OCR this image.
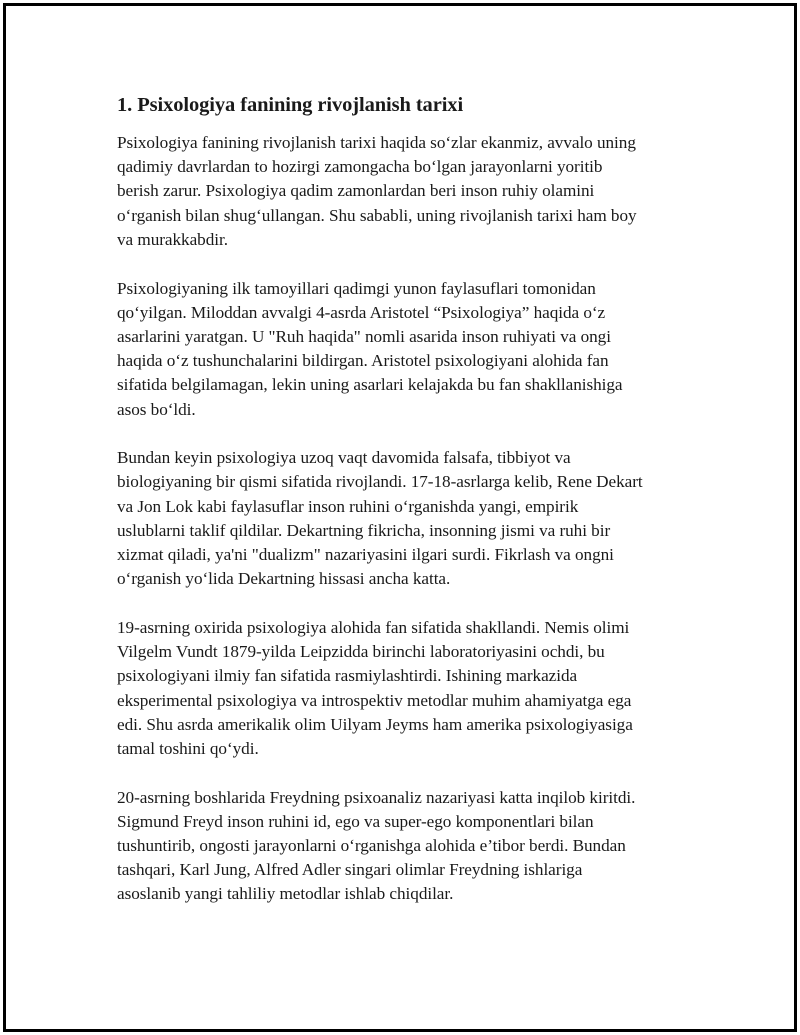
1. Psixologiya fanining rivojlanish tarixi

Psixologiya fanining rivojlanish tarixi haqida so‘zlar ekanmiz, avvalo uning
qadimiy davrlardan to hozirgi zamongacha bo‘lgan jarayonlarni yoritib
berish zarur. Psixologiya qadim zamonlardan beri inson ruhiy olamini
o‘rganish bilan shug‘ullangan. Shu sababli, uning rivojlanish tarixi ham boy
va murakkabdir.

Psixologiyaning ilk tamoyillari qadimgi yunon faylasuflari tomonidan
qo‘yilgan. Miloddan avvalgi 4-asrda Aristotel “Psixologiya” haqida o‘z
asarlarini yaratgan. U "Ruh haqida" nomli asarida inson ruhiyati va ongi
haqida o‘z tushunchalarini bildirgan. Aristotel psixologiyani alohida fan
sifatida belgilamagan, lekin uning asarlari kelajakda bu fan shakllanishiga
asos bo‘ldi.

Bundan keyin psixologiya uzoq vaqt davomida falsafa, tibbiyot va
biologiyaning bir qismi sifatida rivojlandi. 17-18-asrlarga kelib, Rene Dekart
va Jon Lok kabi faylasuflar inson ruhini o‘rganishda yangi, empirik
uslublarni taklif qildilar. Dekartning fikricha, insonning jismi va ruhi bir
xizmat qiladi, ya'ni "dualizm" nazariyasini ilgari surdi. Fikrlash va ongni
o‘rganish yo‘lida Dekartning hissasi ancha katta.

19-asrning oxirida psixologiya alohida fan sifatida shakllandi. Nemis olimi
Vilgelm Vundt 1879-yilda Leipzidda birinchi laboratoriyasini ochdi, bu
psixologiyani ilmiy fan sifatida rasmiylashtirdi. Ishining markazida
eksperimental psixologiya va introspektiv metodlar muhim ahamiyatga ega
edi. Shu asrda amerikalik olim Uilyam Jeyms ham amerika psixologiyasiga
tamal toshini qo‘ydi.

20-asrning boshlarida Freydning psixoanaliz nazariyasi katta inqilob kiritdi.
Sigmund Freyd inson ruhini id, ego va super-ego komponentlari bilan
tushuntirib, ongosti jarayonlarni o‘rganishga alohida e’tibor berdi. Bundan
tashqari, Karl Jung, Alfred Adler singari olimlar Freydning ishlariga
asoslanib yangi tahliliy metodlar ishlab chiqdilar.
